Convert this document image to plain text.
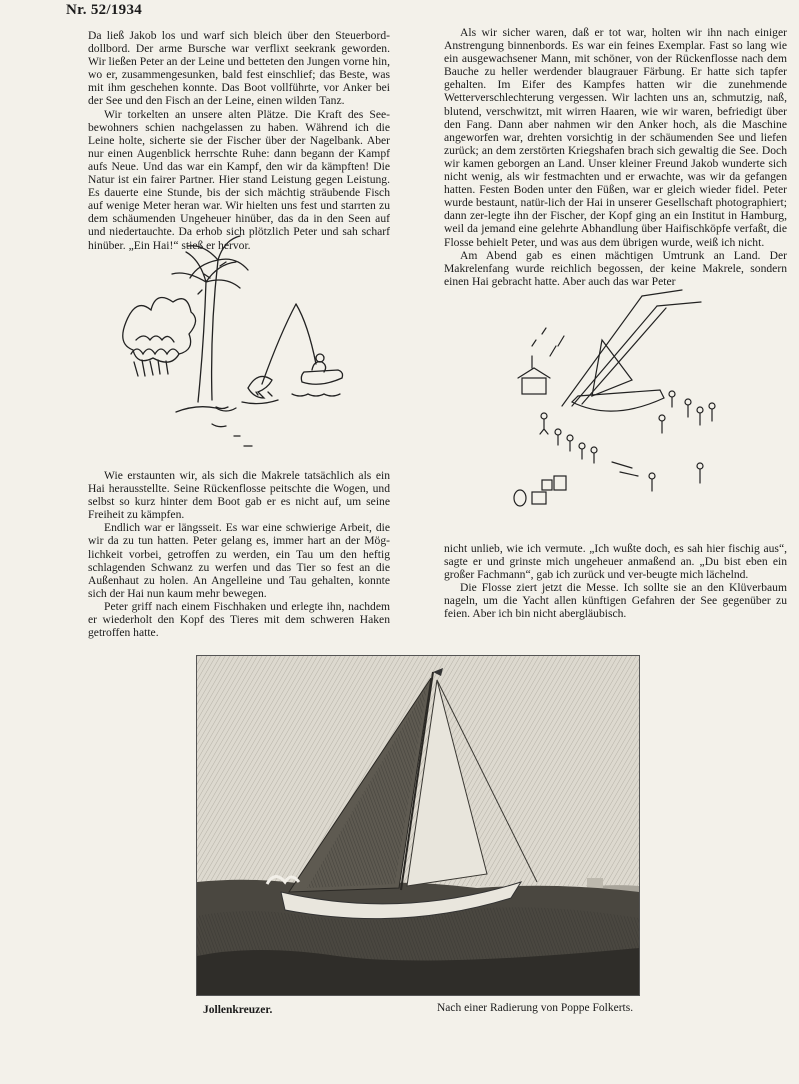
Nr. 52/1934

Da ließ Jakob los und warf sich bleich über den Steuerbord-dollbord. Der arme Bursche war verflixt seekrank geworden. Wir ließen Peter an der Leine und betteten den Jungen vorne hin, wo er, zusammengesunken, bald fest einschlief; das Beste, was mit ihm geschehen konnte. Das Boot vollführte, vor Anker bei der See und den Fisch an der Leine, einen wilden Tanz.

Wir torkelten an unsere alten Plätze. Die Kraft des See-bewohners schien nachgelassen zu haben. Während ich die Leine holte, sicherte sie der Fischer über der Nagelbank. Aber nur einen Augenblick herrschte Ruhe: dann begann der Kampf aufs Neue. Und das war ein Kampf, den wir da kämpften! Die Natur ist ein fairer Partner. Hier stand Leistung gegen Leistung. Es dauerte eine Stunde, bis der sich mächtig sträubende Fisch auf wenige Meter heran war. Wir hielten uns fest und starrten zu dem schäumenden Ungeheuer hinüber, das da in den Seen auf und niedertauchte. Da erhob sich plötzlich Peter und sah scharf hinüber. „Ein Hai!“ stieß er hervor.

Als wir sicher waren, daß er tot war, holten wir ihn nach einiger Anstrengung binnenbords. Es war ein feines Exemplar. Fast so lang wie ein ausgewachsener Mann, mit schöner, von der Rückenflosse nach dem Bauche zu heller werdender blaugrauer Färbung. Er hatte sich tapfer gehalten. Im Eifer des Kampfes hatten wir die zunehmende Wetterverschlechterung vergessen. Wir lachten uns an, schmutzig, naß, blutend, verschwitzt, mit wirren Haaren, wie wir waren, befriedigt über den Fang. Dann aber nahmen wir den Anker hoch, als die Maschine angeworfen war, drehten vorsichtig in der schäumenden See und liefen zurück; an dem zerstörten Kriegshafen brach sich gewaltig die See. Doch wir kamen geborgen an Land. Unser kleiner Freund Jakob wunderte sich nicht wenig, als wir festmachten und er erwachte, was wir da gefangen hatten. Festen Boden unter den Füßen, war er gleich wieder fidel. Peter wurde bestaunt, natür-lich der Hai in unserer Gesellschaft photographiert; dann zer-legte ihn der Fischer, der Kopf ging an ein Institut in Hamburg, weil da jemand eine gelehrte Abhandlung über Haifischköpfe verfaßt, die Flosse behielt Peter, und was aus dem übrigen wurde, weiß ich nicht.

Am Abend gab es einen mächtigen Umtrunk an Land. Der Makrelenfang wurde reichlich begossen, der keine Makrele, sondern einen Hai gebracht hatte. Aber auch das war Peter

Wie erstaunten wir, als sich die Makrele tatsächlich als ein Hai herausstellte. Seine Rückenflosse peitschte die Wogen, und selbst so kurz hinter dem Boot gab er es nicht auf, um seine Freiheit zu kämpfen.

Endlich war er längsseit. Es war eine schwierige Arbeit, die wir da zu tun hatten. Peter gelang es, immer hart an der Mög-lichkeit vorbei, getroffen zu werden, ein Tau um den heftig schlagenden Schwanz zu werfen und das Tier so fest an die Außenhaut zu holen. An Angelleine und Tau gehalten, konnte sich der Hai nun kaum mehr bewegen.

Peter griff nach einem Fischhaken und erlegte ihn, nachdem er wiederholt den Kopf des Tieres mit dem schweren Haken getroffen hatte.

nicht unlieb, wie ich vermute. „Ich wußte doch, es sah hier fischig aus“, sagte er und grinste mich ungeheuer anmaßend an. „Du bist eben ein großer Fachmann“, gab ich zurück und ver-beugte mich lächelnd.

Die Flosse ziert jetzt die Messe. Ich sollte sie an den Klüverbaum nageln, um die Yacht allen künftigen Gefahren der See gegenüber zu feien. Aber ich bin nicht abergläubisch.

Jollenkreuzer.	Nach einer Radierung von Poppe Folkerts.
